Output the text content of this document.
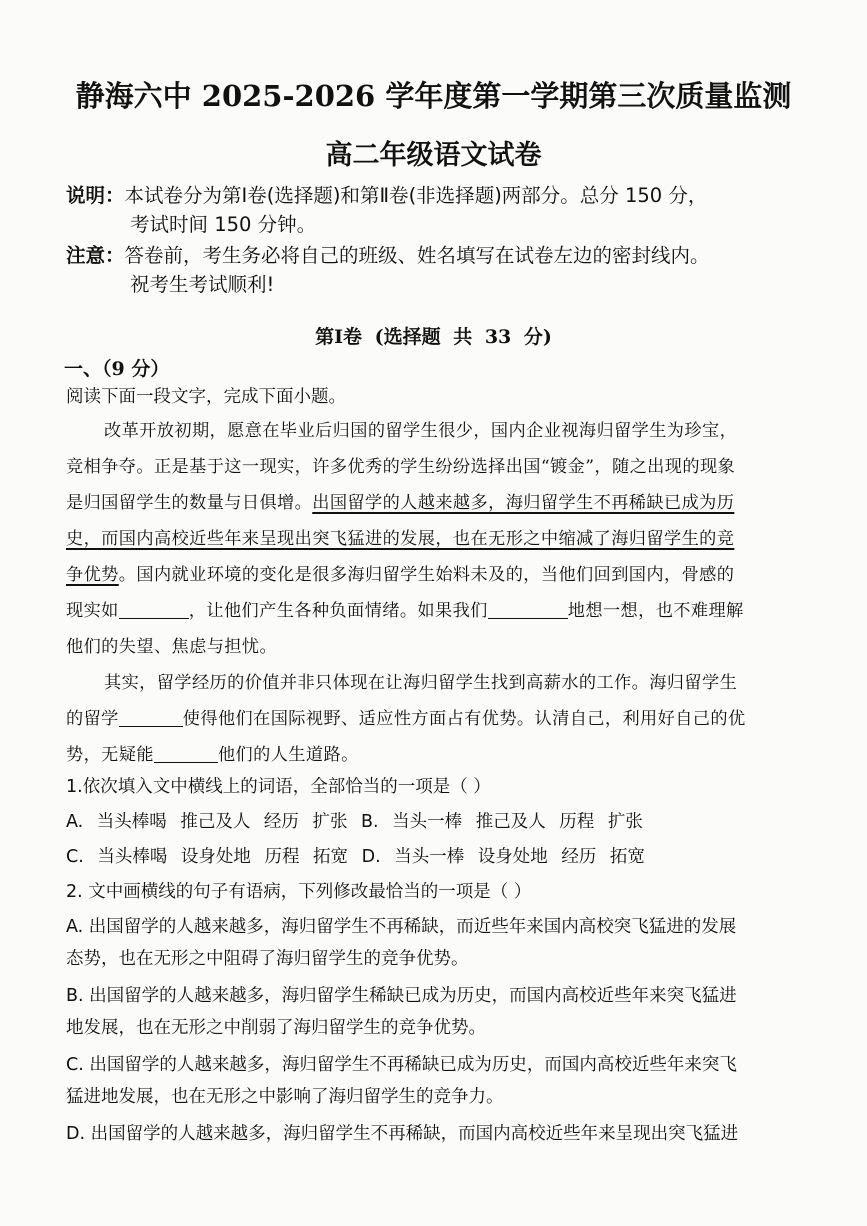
静海六中 2025-2026 学年度第一学期第三次质量监测
高二年级语文试卷
说明：本试卷分为第Ⅰ卷(选择题)和第Ⅱ卷(非选择题)两部分。总分 150 分，
考试时间 150 分钟。
注意：答卷前，考生务必将自己的班级、姓名填写在试卷左边的密封线内。
祝考生考试顺利!
第Ⅰ卷 (选择题 共 33 分)
一、（9 分）
阅读下面一段文字，完成下面小题。
改革开放初期，愿意在毕业后归国的留学生很少，国内企业视海归留学生为珍宝，
竞相争夺。正是基于这一现实，许多优秀的学生纷纷选择出国“镀金”，随之出现的现象
是归国留学生的数量与日俱增。出国留学的人越来越多，海归留学生不再稀缺已成为历
史，而国内高校近些年来呈现出突飞猛进的发展，也在无形之中缩减了海归留学生的竞
争优势。国内就业环境的变化是很多海归留学生始料未及的，当他们回到国内，骨感的
现实如	，让他们产生各种负面情绪。如果我们	地想一想，也不难理解
他们的失望、焦虑与担忧。
其实，留学经历的价值并非只体现在让海归留学生找到高薪水的工作。海归留学生
的留学	使得他们在国际视野、适应性方面占有优势。认清自己，利用好自己的优
势，无疑能	他们的人生道路。
1.依次填入文中横线上的词语，全部恰当的一项是（ ）
A. 当头棒喝 推己及人 经历 扩张 B. 当头一棒 推己及人 历程 扩张
C. 当头棒喝 设身处地 历程 拓宽 D. 当头一棒 设身处地 经历 拓宽
2. 文中画横线的句子有语病，下列修改最恰当的一项是（ ）
A. 出国留学的人越来越多，海归留学生不再稀缺，而近些年来国内高校突飞猛进的发展
态势，也在无形之中阻碍了海归留学生的竞争优势。
B. 出国留学的人越来越多，海归留学生稀缺已成为历史，而国内高校近些年来突飞猛进
地发展，也在无形之中削弱了海归留学生的竞争优势。
C. 出国留学的人越来越多，海归留学生不再稀缺已成为历史，而国内高校近些年来突飞
猛进地发展，也在无形之中影响了海归留学生的竞争力。
D. 出国留学的人越来越多，海归留学生不再稀缺，而国内高校近些年来呈现出突飞猛进
